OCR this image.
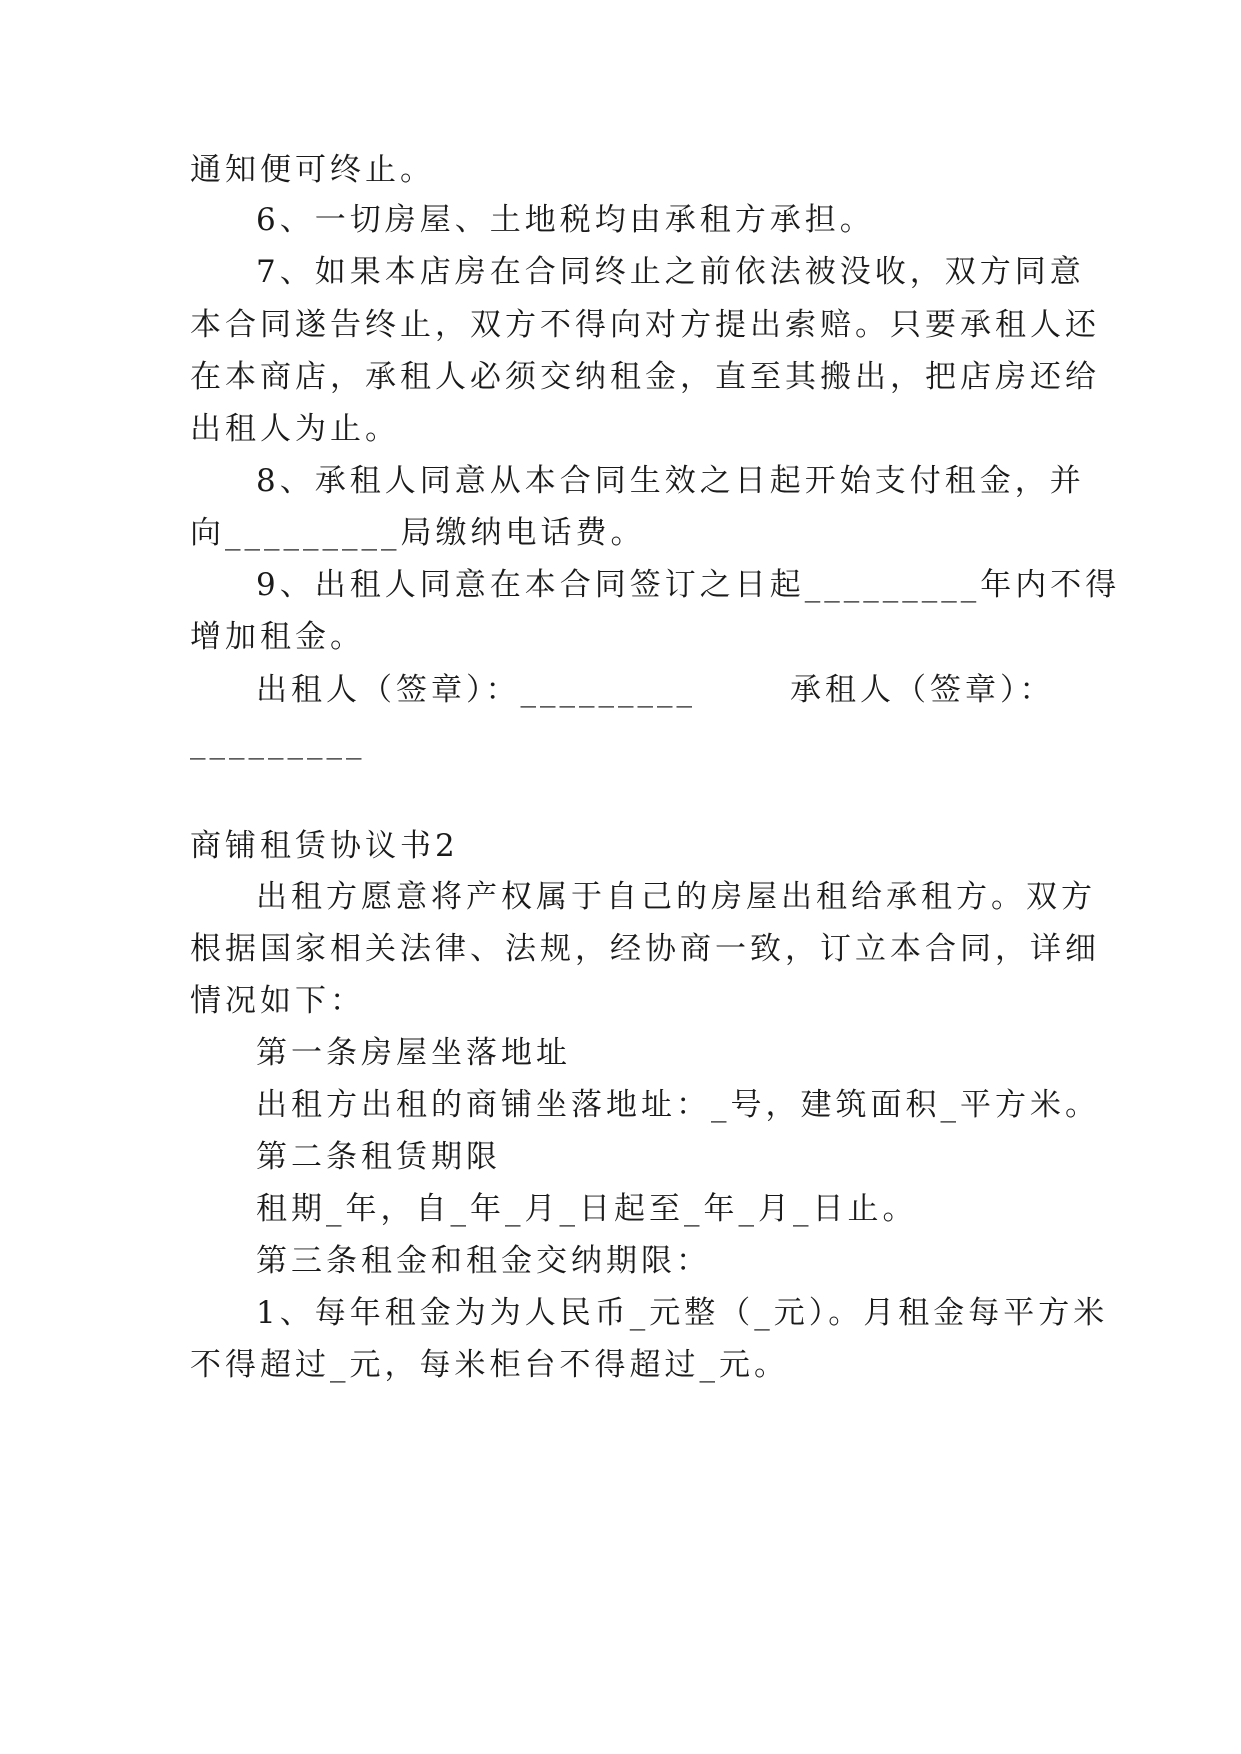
通知便可终止。
6、一切房屋、土地税均由承租方承担。
7、如果本店房在合同终止之前依法被没收，双方同意
本合同遂告终止，双方不得向对方提出索赔。只要承租人还
在本商店，承租人必须交纳租金，直至其搬出，把店房还给
出租人为止。
8、承租人同意从本合同生效之日起开始支付租金，并
向_________局缴纳电话费。
9、出租人同意在本合同签订之日起_________年内不得
增加租金。
出租人（签章）：_________	承租人（签章）：
_________
商铺租赁协议书2
出租方愿意将产权属于自己的房屋出租给承租方。双方
根据国家相关法律、法规，经协商一致，订立本合同，详细
情况如下：
第一条房屋坐落地址
出租方出租的商铺坐落地址：_号，建筑面积_平方米。
第二条租赁期限
租期_年，自_年_月_日起至_年_月_日止。
第三条租金和租金交纳期限：
1、每年租金为为人民币_元整（_元）。月租金每平方米
不得超过_元，每米柜台不得超过_元。
